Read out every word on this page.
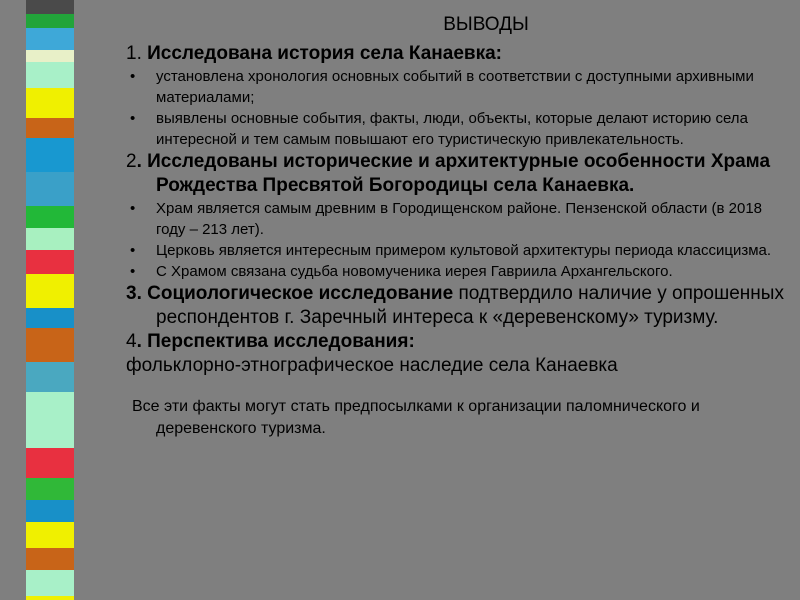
ВЫВОДЫ

1. Исследована история села Канаевка:

• установлена хронология основных событий в соответствии с доступными архивными материалами;
• выявлены основные события, факты, люди, объекты, которые делают историю села интересной и тем самым повышают его туристическую привлекательность.

2. Исследованы исторические и архитектурные особенности Храма Рождества Пресвятой Богородицы села Канаевка.

• Храм является самым древним в Городищенском районе. Пензенской области (в 2018 году – 213 лет).
• Церковь является интересным примером культовой архитектуры периода классицизма.
• С Храмом связана судьба новомученика иерея Гавриила Архангельского.

3. Социологическое исследование подтвердило наличие у опрошенных респондентов г. Заречный интереса к «деревенскому» туризму.

4. Перспектива исследования:

фольклорно-этнографическое наследие села Канаевка

Все эти факты могут стать предпосылками к организации паломнического и деревенского туризма.
